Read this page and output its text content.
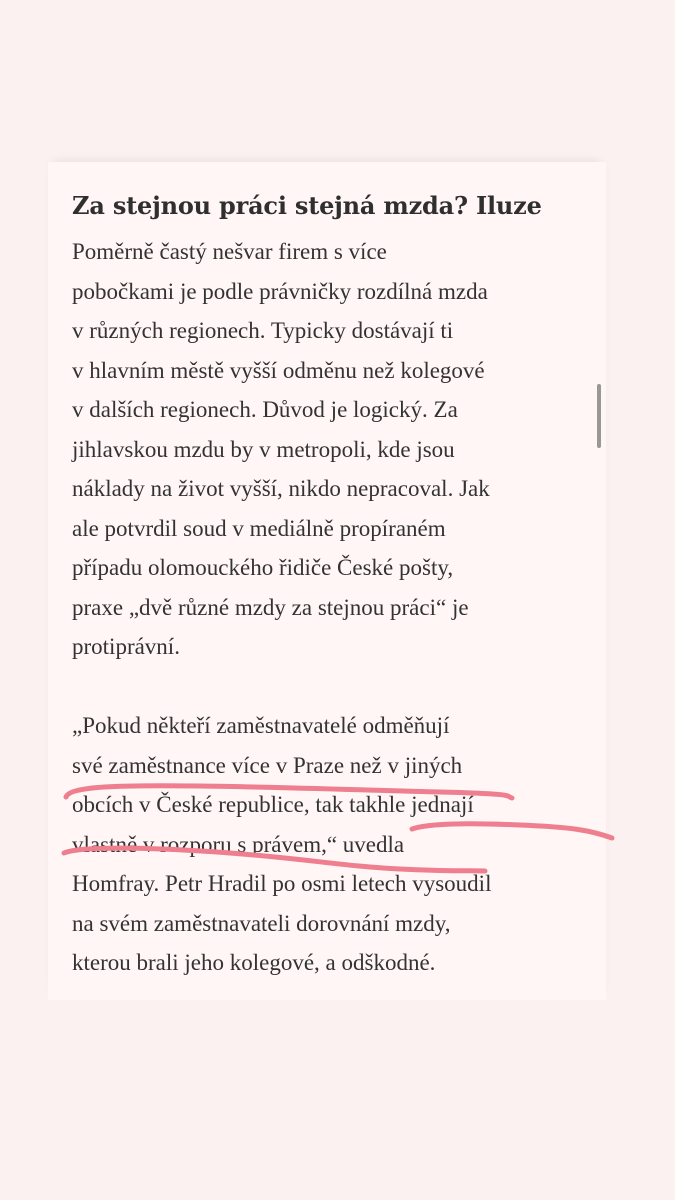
Za stejnou práci stejná mzda? Iluze

Poměrně častý nešvar firem s více
pobočkami je podle právničky rozdílná mzda
v různých regionech. Typicky dostávají ti
v hlavním městě vyšší odměnu než kolegové
v dalších regionech. Důvod je logický. Za
jihlavskou mzdu by v metropoli, kde jsou
náklady na život vyšší, nikdo nepracoval. Jak
ale potvrdil soud v mediálně propíraném
případu olomouckého řidiče České pošty,
praxe „dvě různé mzdy za stejnou práci“ je
protiprávní.

„Pokud někteří zaměstnavatelé odměňují
své zaměstnance více v Praze než v jiných
obcích v České republice, tak takhle jednají
vlastně v rozporu s právem,“ uvedla
Homfray. Petr Hradil po osmi letech vysoudil
na svém zaměstnavateli dorovnání mzdy,
kterou brali jeho kolegové, a odškodné.
